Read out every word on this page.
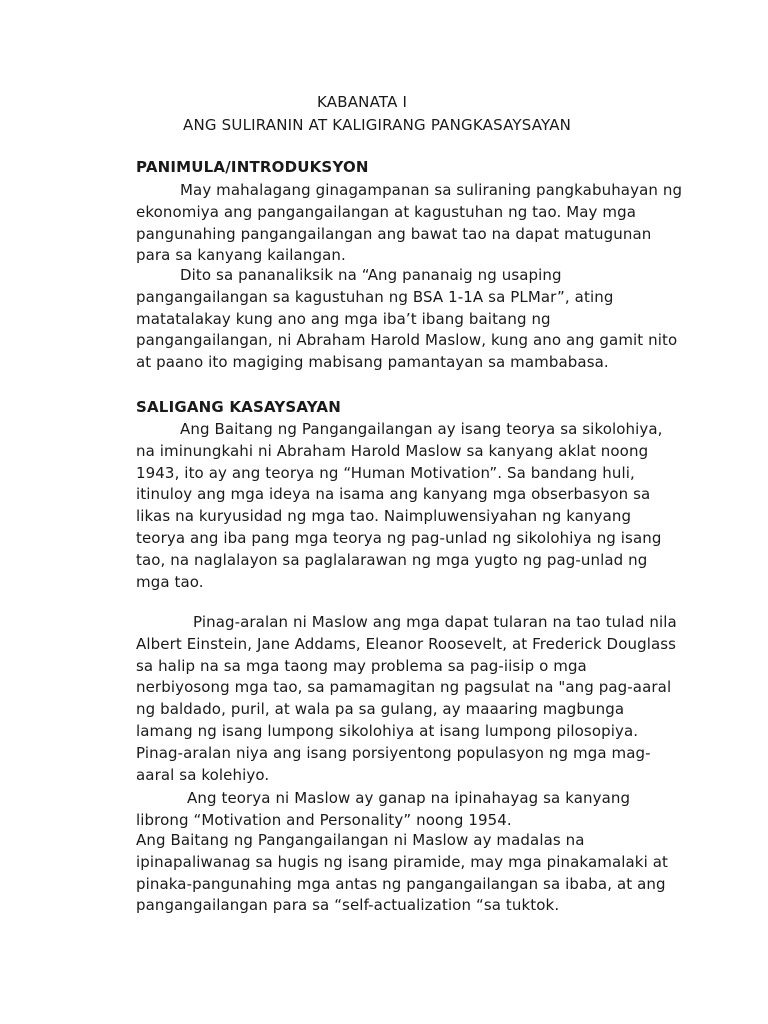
KABANATA I
ANG SULIRANIN AT KALIGIRANG PANGKASAYSAYAN
PANIMULA/INTRODUKSYON
May mahalagang ginagampanan sa suliraning pangkabuhayan ng
ekonomiya ang pangangailangan at kagustuhan ng tao. May mga
pangunahing pangangailangan ang bawat tao na dapat matugunan
para sa kanyang kailangan.
Dito sa pananaliksik na “Ang pananaig ng usaping
pangangailangan sa kagustuhan ng BSA 1-1A sa PLMar”, ating
matatalakay kung ano ang mga iba’t ibang baitang ng
pangangailangan, ni Abraham Harold Maslow, kung ano ang gamit nito
at paano ito magiging mabisang pamantayan sa mambabasa.
SALIGANG KASAYSAYAN
Ang Baitang ng Pangangailangan ay isang teorya sa sikolohiya,
na iminungkahi ni Abraham Harold Maslow sa kanyang aklat noong
1943, ito ay ang teorya ng “Human Motivation”. Sa bandang huli,
itinuloy ang mga ideya na isama ang kanyang mga obserbasyon sa
likas na kuryusidad ng mga tao. Naimpluwensiyahan ng kanyang
teorya ang iba pang mga teorya ng pag-unlad ng sikolohiya ng isang
tao, na naglalayon sa paglalarawan ng mga yugto ng pag-unlad ng
mga tao.
Pinag-aralan ni Maslow ang mga dapat tularan na tao tulad nila
Albert Einstein, Jane Addams, Eleanor Roosevelt, at Frederick Douglass
sa halip na sa mga taong may problema sa pag-iisip o mga
nerbiyosong mga tao, sa pamamagitan ng pagsulat na "ang pag-aaral
ng baldado, puril, at wala pa sa gulang, ay maaaring magbunga
lamang ng isang lumpong sikolohiya at isang lumpong pilosopiya.
Pinag-aralan niya ang isang porsiyentong populasyon ng mga mag-
aaral sa kolehiyo.
Ang teorya ni Maslow ay ganap na ipinahayag sa kanyang
librong “Motivation and Personality” noong 1954.
Ang Baitang ng Pangangailangan ni Maslow ay madalas na
ipinapaliwanag sa hugis ng isang piramide, may mga pinakamalaki at
pinaka-pangunahing mga antas ng pangangailangan sa ibaba, at ang
pangangailangan para sa “self-actualization “sa tuktok.
